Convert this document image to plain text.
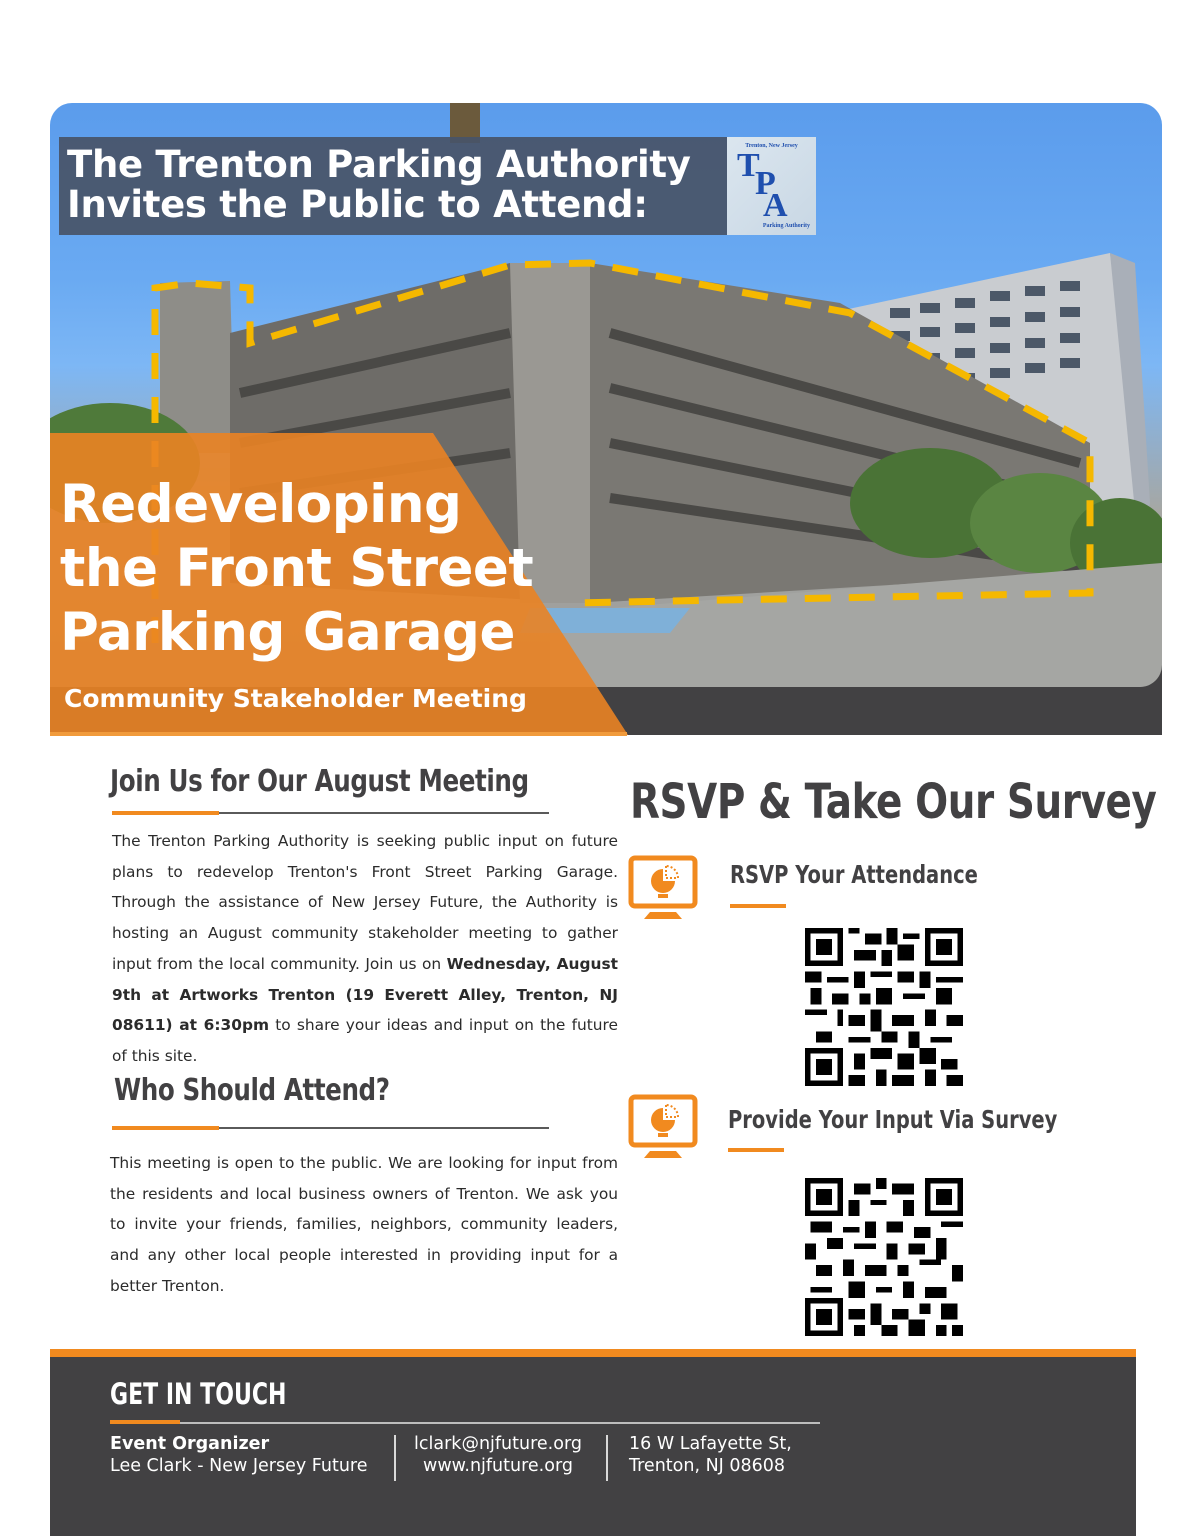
The Trenton Parking Authority
Invites the Public to Attend:
Trenton, New Jersey
T
P
A
Parking Authority
Redeveloping
the Front Street
Parking Garage
Community Stakeholder Meeting
Join Us for Our August Meeting
The Trenton Parking Authority is seeking public input on future plans to redevelop Trenton's Front Street Parking Garage. Through the assistance of New Jersey Future, the Authority is hosting an August community stakeholder meeting to gather input from the local community. Join us on Wednesday, August 9th at Artworks Trenton (19 Everett Alley, Trenton, NJ 08611) at 6:30pm to share your ideas and input on the future of this site.
Who Should Attend?
This meeting is open to the public. We are looking for input from the residents and local business owners of Trenton. We ask you to invite your friends, families, neighbors, community leaders, and any other local people interested in providing input for a better Trenton.
RSVP & Take Our Survey
RSVP Your Attendance
Provide Your Input Via Survey
GET IN TOUCH
Event Organizer
Lee Clark - New Jersey Future
lclark@njfuture.org
www.njfuture.org
16 W Lafayette St,
Trenton, NJ 08608
